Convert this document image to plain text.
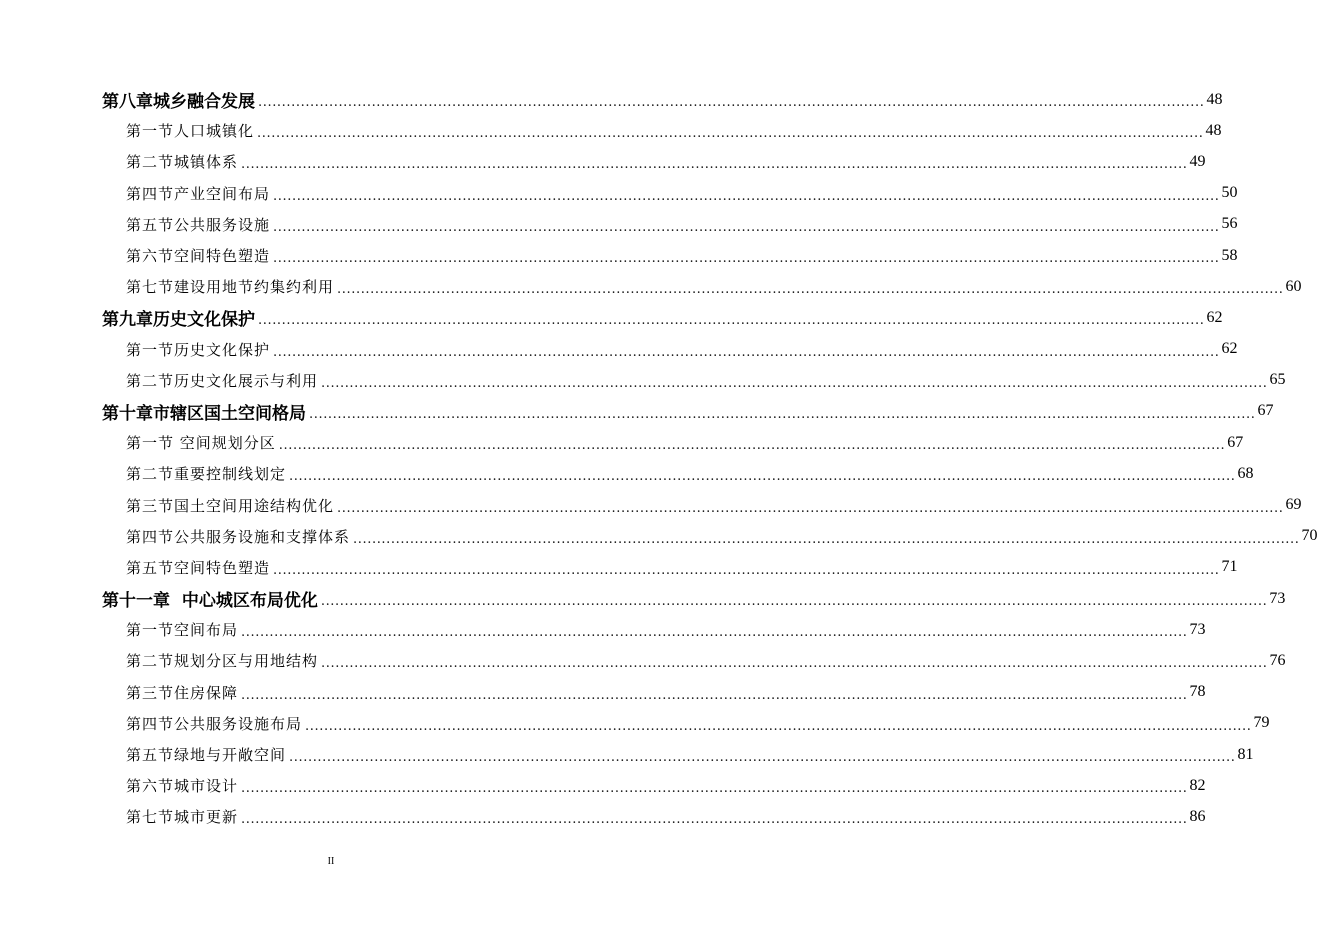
第八章 城乡融合发展 ........................................................................................................................................................................................................ 48
第一节 人口城镇化 ........................................................................................................................................................................................................ 48
第二节 城镇体系 ........................................................................................................................................................................................................ 49
第四节 产业空间布局 ........................................................................................................................................................................................................ 50
第五节 公共服务设施 ........................................................................................................................................................................................................ 56
第六节 空间特色塑造 ........................................................................................................................................................................................................ 58
第七节 建设用地节约集约利用 ........................................................................................................................................................................................................ 60
第九章 历史文化保护 ........................................................................................................................................................................................................ 62
第一节 历史文化保护 ........................................................................................................................................................................................................ 62
第二节 历史文化展示与利用 ........................................................................................................................................................................................................ 65
第十章 市辖区国土空间格局 ........................................................................................................................................................................................................ 67
第一节 空间规划分区 ........................................................................................................................................................................................................ 67
第二节 重要控制线划定 ........................................................................................................................................................................................................ 68
第三节 国土空间用途结构优化 ........................................................................................................................................................................................................ 69
第四节 公共服务设施和支撑体系 ........................................................................................................................................................................................................ 70
第五节 空间特色塑造 ........................................................................................................................................................................................................ 71
第十一章 中心城区布局优化 ........................................................................................................................................................................................................ 73
第一节 空间布局 ........................................................................................................................................................................................................ 73
第二节 规划分区与用地结构 ........................................................................................................................................................................................................ 76
第三节 住房保障 ........................................................................................................................................................................................................ 78
第四节 公共服务设施布局 ........................................................................................................................................................................................................ 79
第五节 绿地与开敞空间 ........................................................................................................................................................................................................ 81
第六节 城市设计 ........................................................................................................................................................................................................ 82
第七节 城市更新 ........................................................................................................................................................................................................ 86
II
